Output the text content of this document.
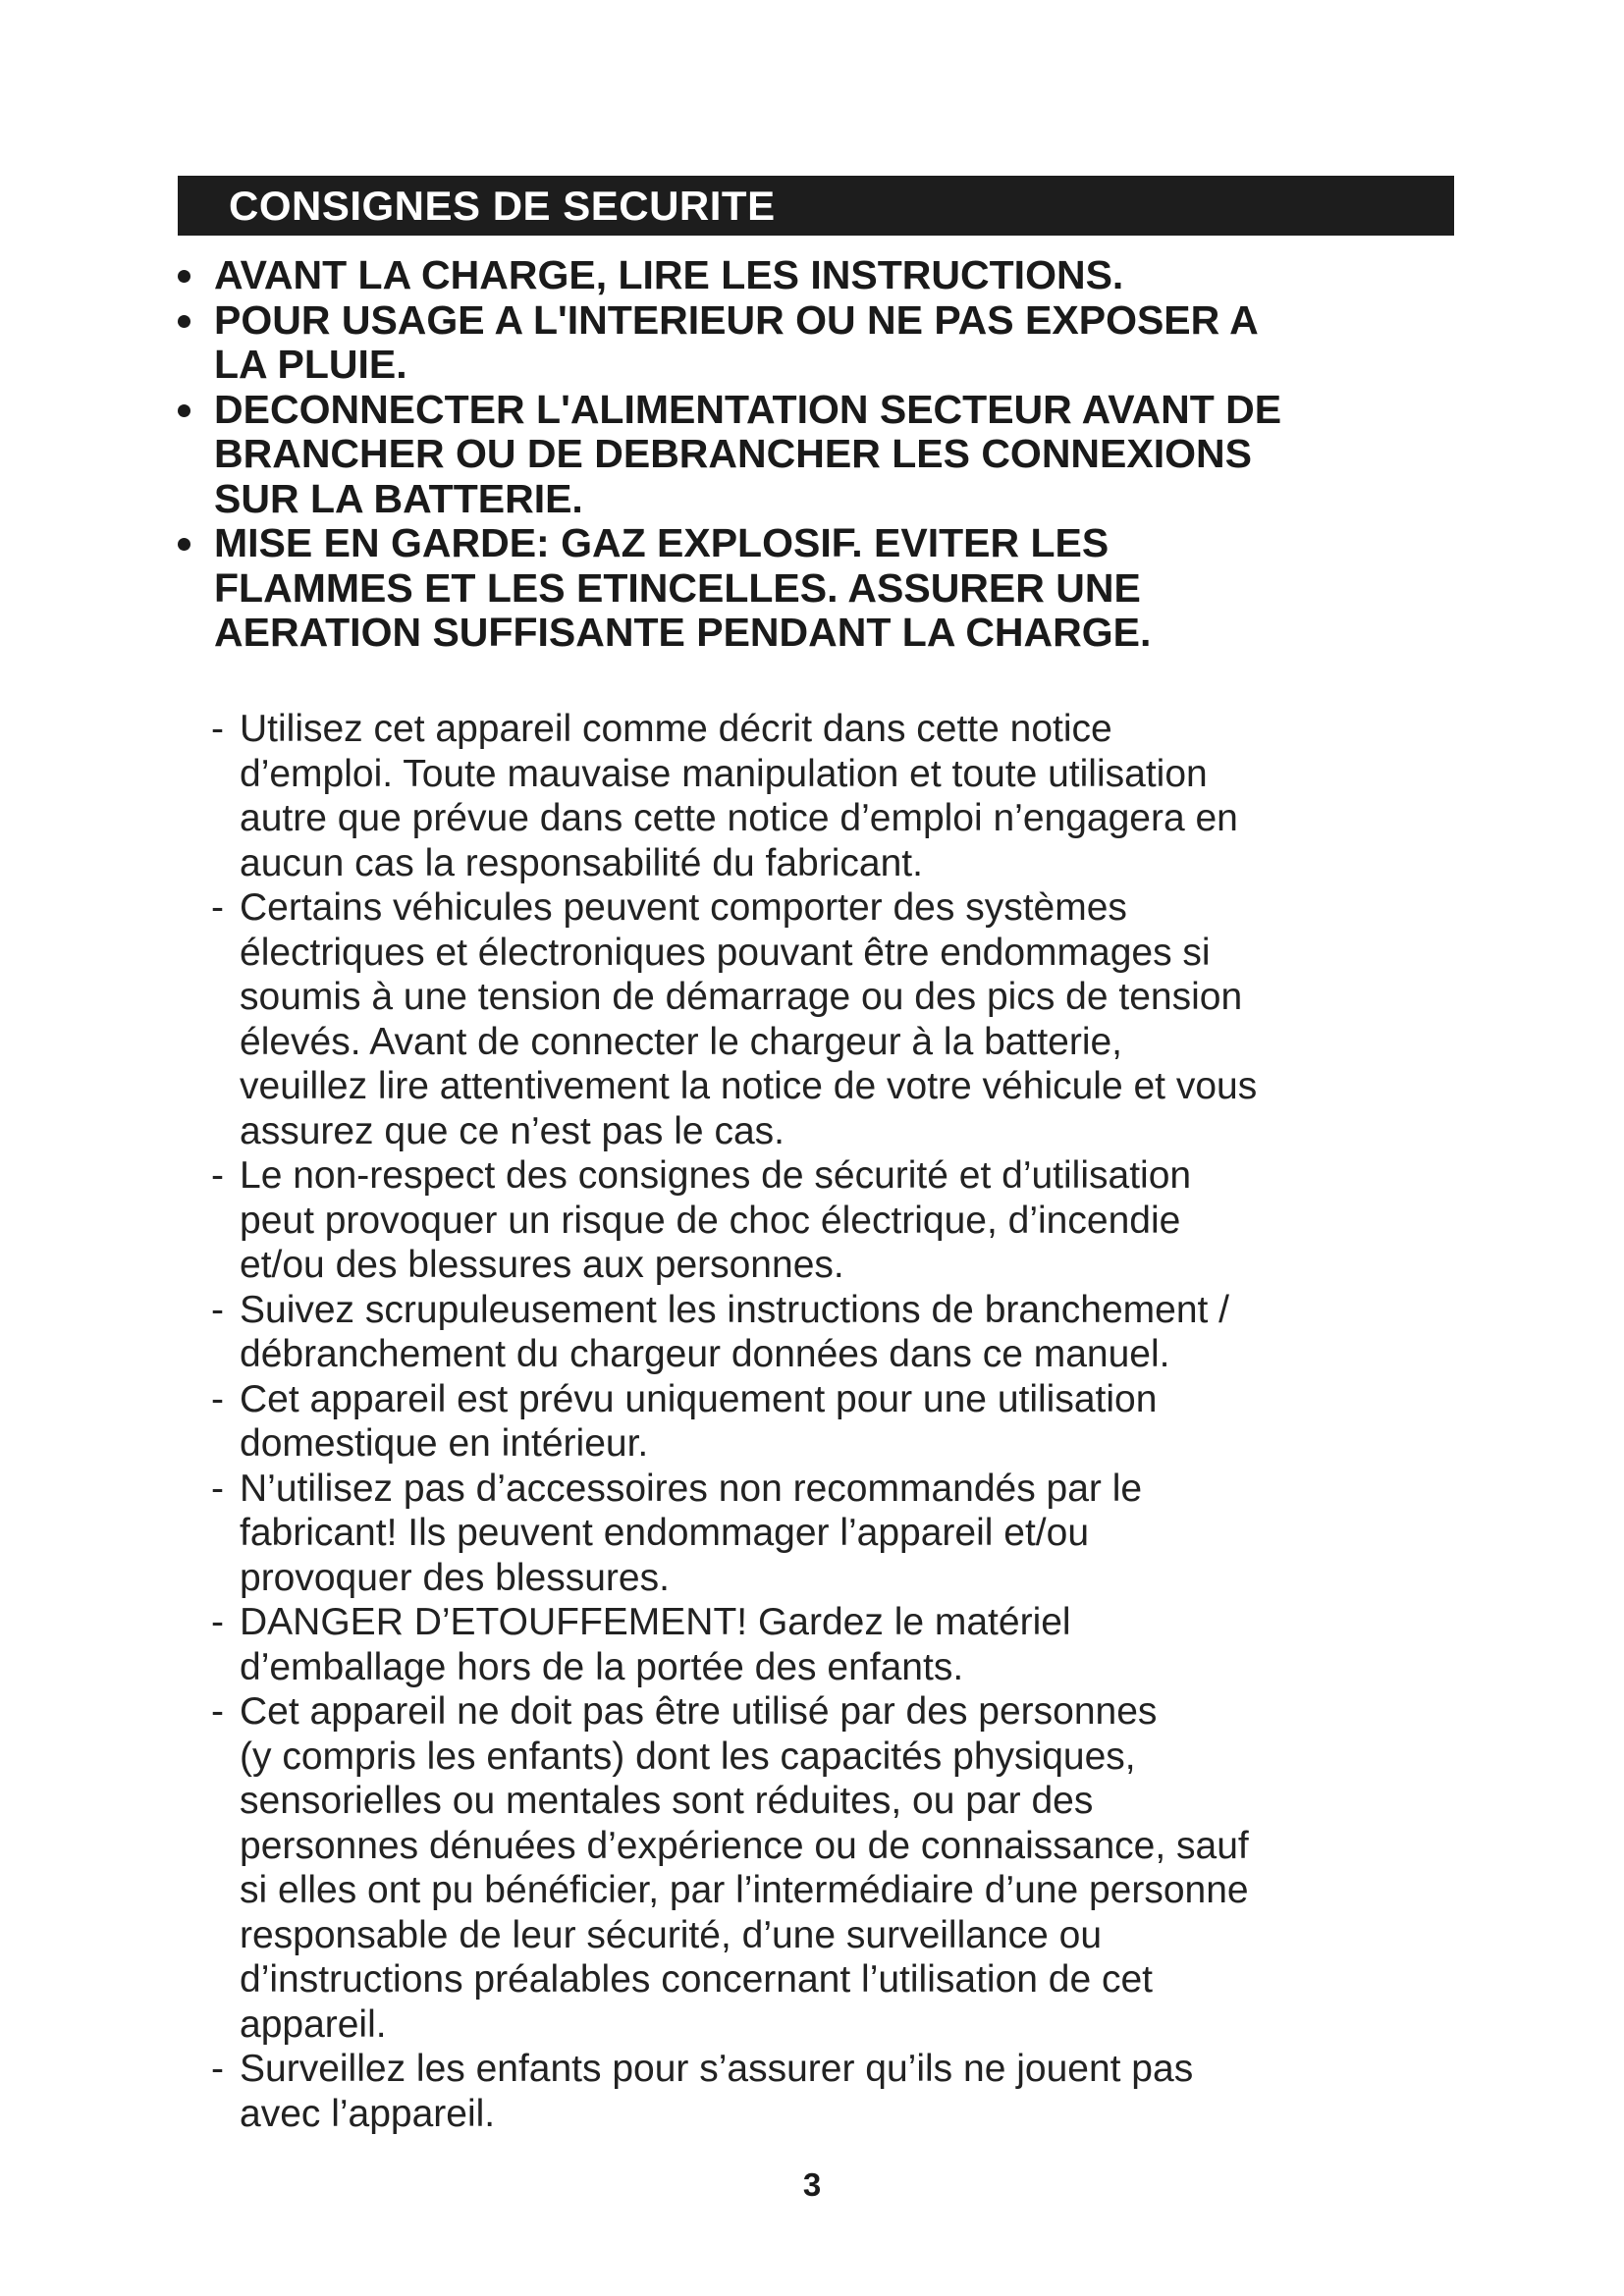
CONSIGNES DE SECURITE
AVANT LA CHARGE, LIRE LES INSTRUCTIONS.
POUR USAGE A L'INTERIEUR OU NE PAS EXPOSER A
LA PLUIE.
DECONNECTER L'ALIMENTATION SECTEUR AVANT DE
BRANCHER OU DE DEBRANCHER LES CONNEXIONS
SUR LA BATTERIE.
MISE EN GARDE: GAZ EXPLOSIF. EVITER LES
FLAMMES ET LES ETINCELLES. ASSURER UNE
AERATION SUFFISANTE PENDANT LA CHARGE.
- Utilisez cet appareil comme décrit dans cette notice
d’emploi. Toute mauvaise manipulation et toute utilisation
autre que prévue dans cette notice d’emploi n’engagera en
aucun cas la responsabilité du fabricant.
- Certains véhicules peuvent comporter des systèmes
électriques et électroniques pouvant être endommages si
soumis à une tension de démarrage ou des pics de tension
élevés. Avant de connecter le chargeur à la batterie,
veuillez lire attentivement la notice de votre véhicule et vous
assurez que ce n’est pas le cas.
- Le non-respect des consignes de sécurité et d’utilisation
peut provoquer un risque de choc électrique, d’incendie
et/ou des blessures aux personnes.
- Suivez scrupuleusement les instructions de branchement /
débranchement du chargeur données dans ce manuel.
- Cet appareil est prévu uniquement pour une utilisation
domestique en intérieur.
- N’utilisez pas d’accessoires non recommandés par le
fabricant! Ils peuvent endommager l’appareil et/ou
provoquer des blessures.
- DANGER D’ETOUFFEMENT! Gardez le matériel
d’emballage hors de la portée des enfants.
- Cet appareil ne doit pas être utilisé par des personnes
(y compris les enfants) dont les capacités physiques,
sensorielles ou mentales sont réduites, ou par des
personnes dénuées d’expérience ou de connaissance, sauf
si elles ont pu bénéficier, par l’intermédiaire d’une personne
responsable de leur sécurité, d’une surveillance ou
d’instructions préalables concernant l’utilisation de cet
appareil.
- Surveillez les enfants pour s’assurer qu’ils ne jouent pas
avec l’appareil.
3
